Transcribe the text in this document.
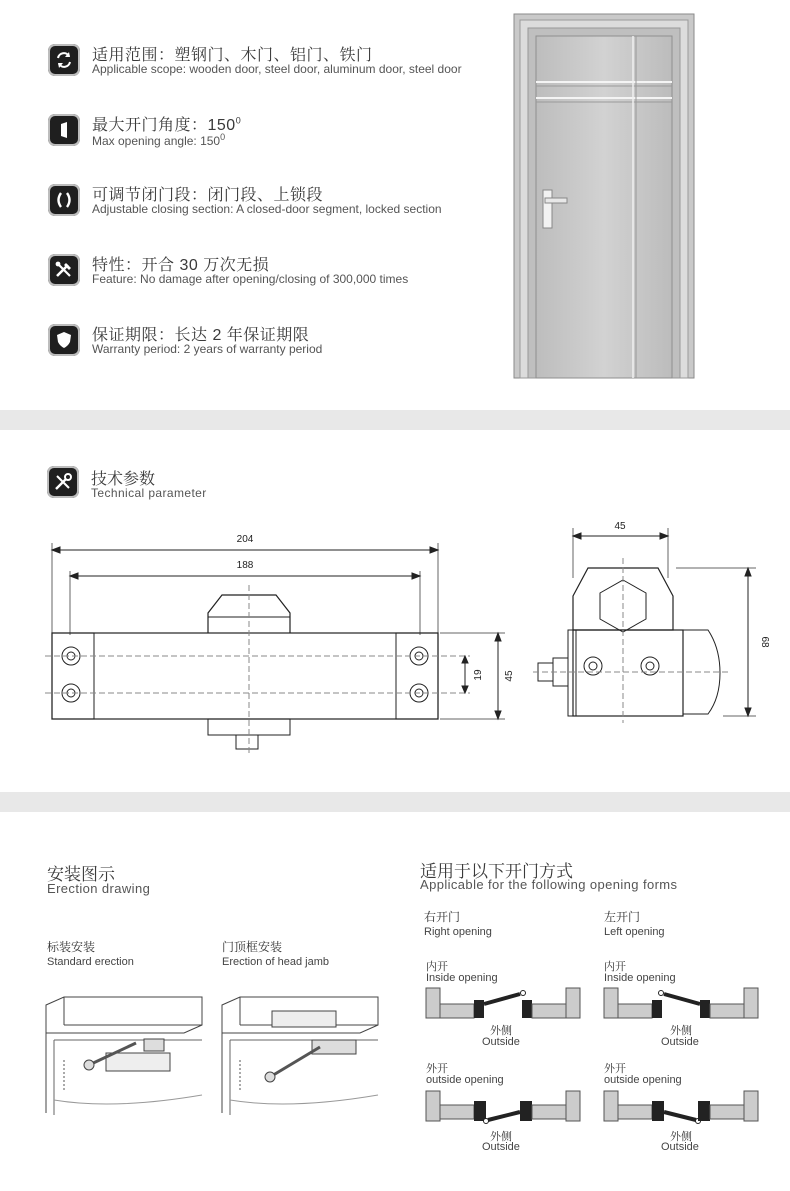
适用范围：塑钢门、木门、铝门、铁门
Applicable scope: wooden door, steel door, aluminum door, steel door
最大开门角度：$150^0$
Max opening angle: $150^0$
可调节闭门段：闭门段、上锁段
Adjustable closing section: A closed-door segment, locked section
特性：开合 30 万次无损
Feature: No damage after opening/closing of 300,000 times
保证期限：长达 2 年保证期限
Warranty period: 2 years of warranty period
技术参数
Technical parameter
204
188
19 45
45
68
安装图示
Erection drawing
标装安装
Standard erection
门顶框安装
Erection of head jamb
适用于以下开门方式
Applicable for the following opening forms
右开门
Right opening
左开门
Left opening
内开
Inside opening
外侧
Outside
内开
Inside opening
外侧
Outside
外开
outside opening
外侧
Outside
外开
outside opening
外侧
Outside
